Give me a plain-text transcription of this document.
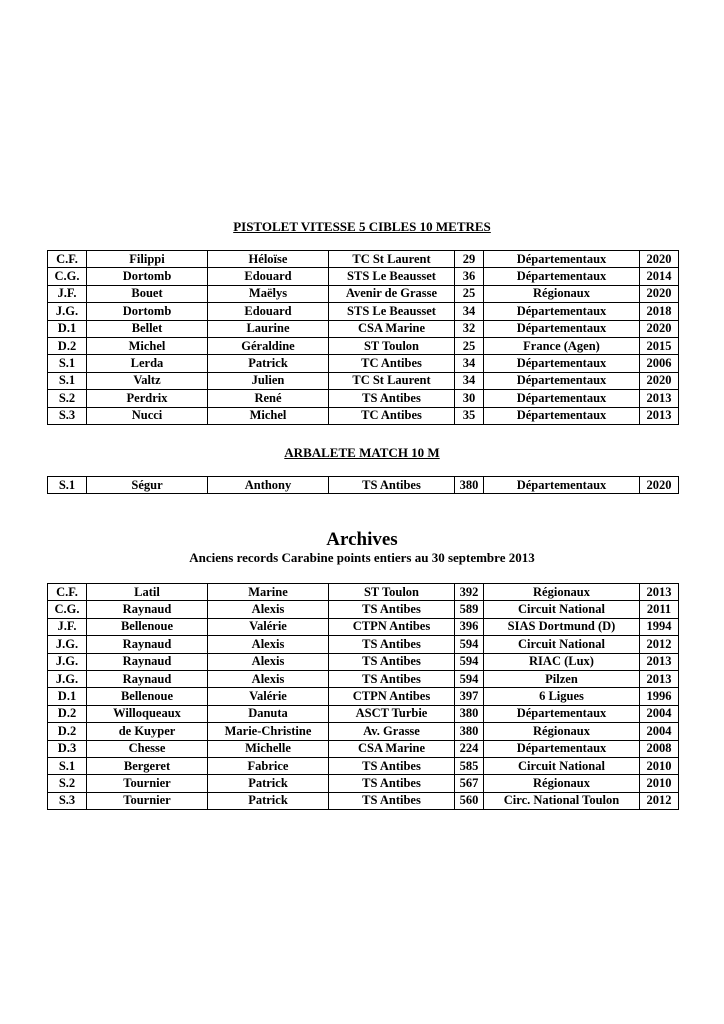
PISTOLET VITESSE 5 CIBLES 10 METRES
C.F.	Filippi	Héloïse	TC St Laurent	29	Départementaux	2020
C.G.	Dortomb	Edouard	STS Le Beausset	36	Départementaux	2014
J.F.	Bouet	Maëlys	Avenir de Grasse	25	Régionaux	2020
J.G.	Dortomb	Edouard	STS Le Beausset	34	Départementaux	2018
D.1	Bellet	Laurine	CSA Marine	32	Départementaux	2020
D.2	Michel	Géraldine	ST Toulon	25	France (Agen)	2015
S.1	Lerda	Patrick	TC Antibes	34	Départementaux	2006
S.1	Valtz	Julien	TC St Laurent	34	Départementaux	2020
S.2	Perdrix	René	TS Antibes	30	Départementaux	2013
S.3	Nucci	Michel	TC Antibes	35	Départementaux	2013
ARBALETE MATCH 10 M
S.1	Ségur	Anthony	TS Antibes	380	Départementaux	2020
Archives
Anciens records Carabine points entiers au 30 septembre 2013
C.F.	Latil	Marine	ST Toulon	392	Régionaux	2013
C.G.	Raynaud	Alexis	TS Antibes	589	Circuit National	2011
J.F.	Bellenoue	Valérie	CTPN Antibes	396	SIAS Dortmund (D)	1994
J.G.	Raynaud	Alexis	TS Antibes	594	Circuit National	2012
J.G.	Raynaud	Alexis	TS Antibes	594	RIAC (Lux)	2013
J.G.	Raynaud	Alexis	TS Antibes	594	Pilzen	2013
D.1	Bellenoue	Valérie	CTPN Antibes	397	6 Ligues	1996
D.2	Willoqueaux	Danuta	ASCT Turbie	380	Départementaux	2004
D.2	de Kuyper	Marie-Christine	Av. Grasse	380	Régionaux	2004
D.3	Chesse	Michelle	CSA Marine	224	Départementaux	2008
S.1	Bergeret	Fabrice	TS Antibes	585	Circuit National	2010
S.2	Tournier	Patrick	TS Antibes	567	Régionaux	2010
S.3	Tournier	Patrick	TS Antibes	560	Circ. National Toulon	2012
